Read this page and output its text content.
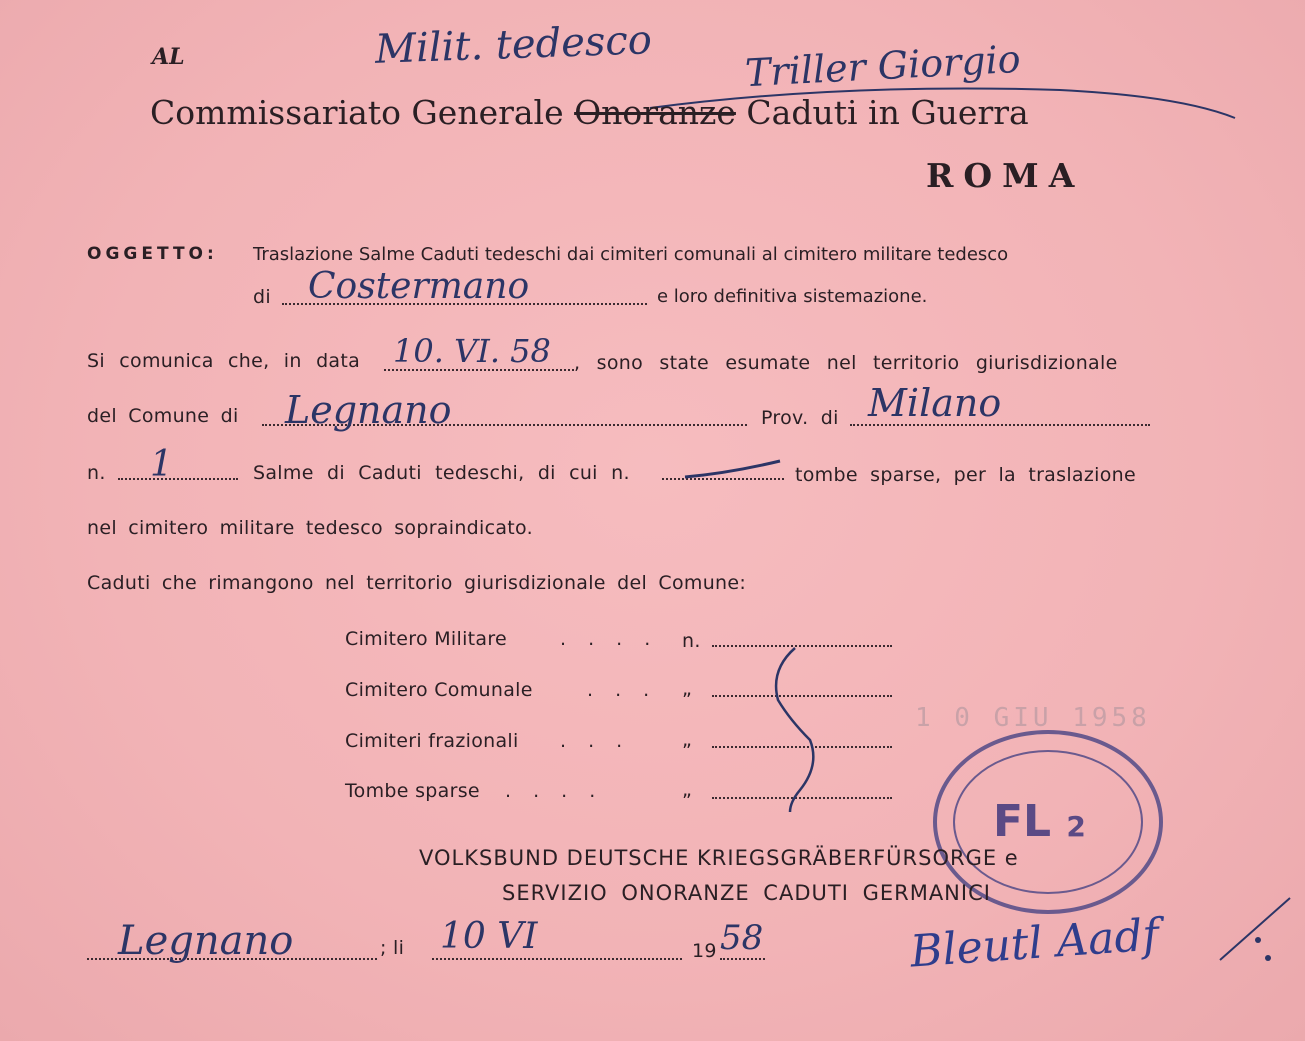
AL	Milit. tedesco Triller Giorgio
Commissariato Generale Onoranze Caduti in Guerra
ROMA
OGGETTO: Traslazione Salme Caduti tedeschi dai cimiteri comunali al cimitero militare tedesco
di Costermano	e loro definitiva sistemazione.
Si comunica che, in data 10. VI. 58 , sono state esumate nel territorio giurisdizionale
del Comune di Legnano	Prov. di Milano
n. 1	Salme di Caduti tedeschi, di cui n.	tombe sparse, per la traslazione
nel cimitero militare tedesco sopraindicato.
Caduti che rimangono nel territorio giurisdizionale del Comune:
Cimitero Militare	. . . . n.
Cimitero Comunale	. . . „
Cimiteri frazionali . . .	„
Tombe sparse . . . .	„
1 0 GIU 1958
FL 2
VOLKSBUND DEUTSCHE KRIEGSGRÄBERFÜRSORGE e
SERVIZIO ONORANZE CADUTI GERMANICI
Legnano	; li 10 VI	19 58	Bleutl Aadf
